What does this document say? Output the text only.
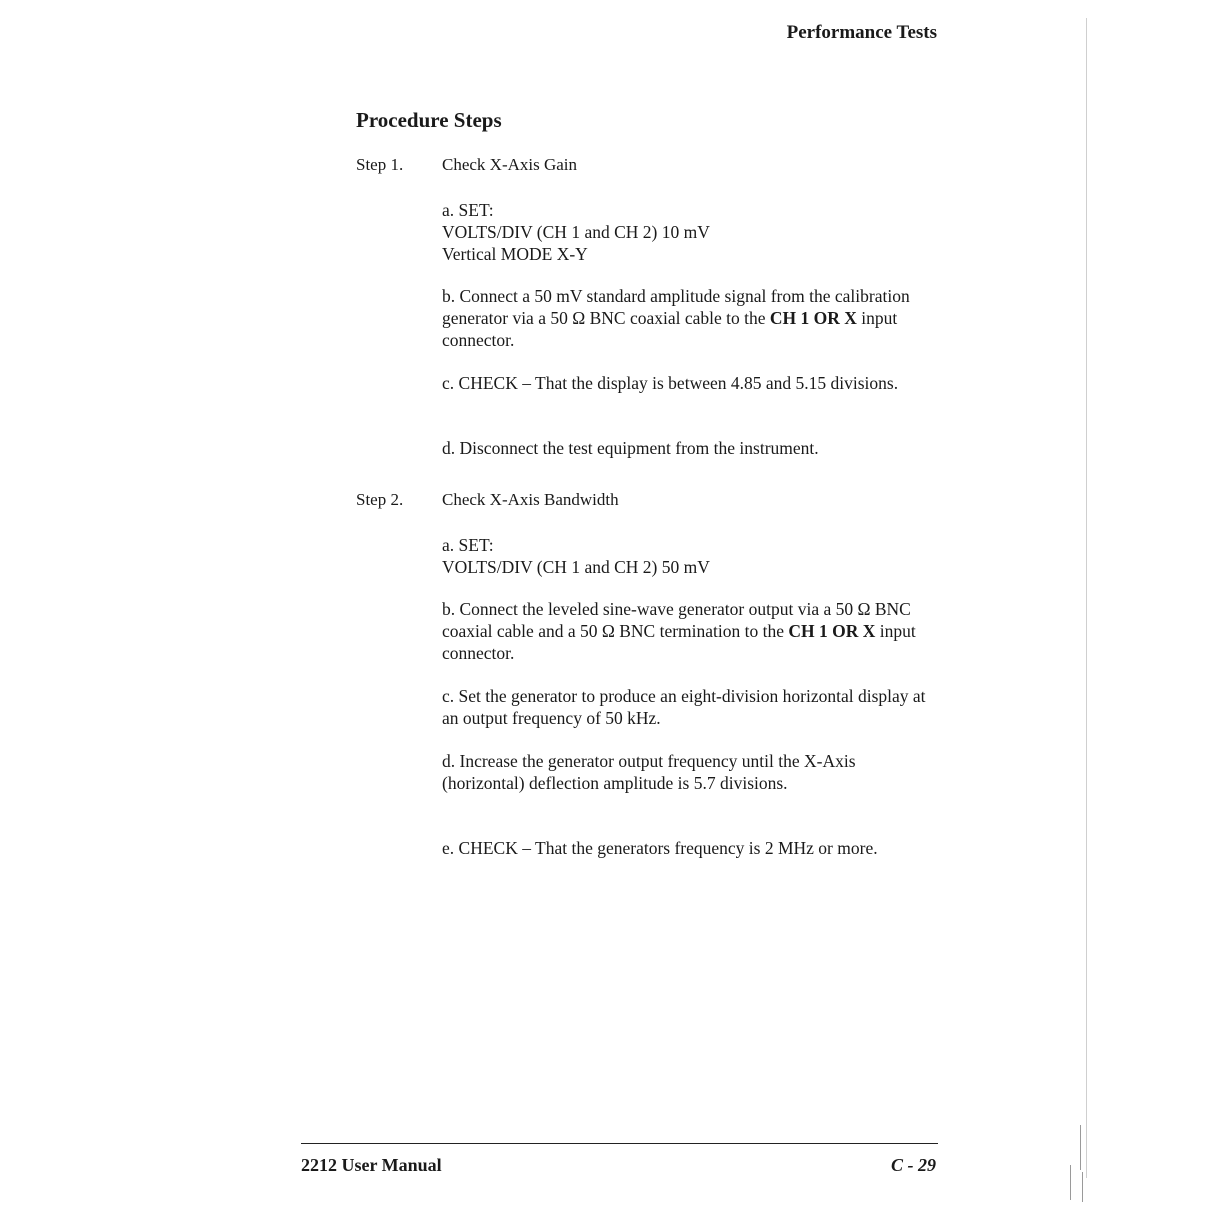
Performance Tests
Procedure Steps
Step 1. Check X-Axis Gain

a. SET:

VOLTS/DIV (CH 1 and CH 2) 10 mV

Vertical MODE X-Y

b. Connect a 50 mV standard amplitude signal from the calibration generator via a 50 Ω BNC coaxial cable to the CH 1 OR X input connector.

c. CHECK – That the display is between 4.85 and 5.15 divisions.

d. Disconnect the test equipment from the instrument.

Step 2. Check X-Axis Bandwidth

a. SET:

VOLTS/DIV (CH 1 and CH 2) 50 mV

b. Connect the leveled sine-wave generator output via a 50 Ω BNC coaxial cable and a 50 Ω BNC termination to the CH 1 OR X input connector.

c. Set the generator to produce an eight-division horizontal display at an output frequency of 50 kHz.

d. Increase the generator output frequency until the X-Axis (horizontal) deflection amplitude is 5.7 divisions.

e. CHECK – That the generators frequency is 2 MHz or more.

2212 User Manual	C - 29
